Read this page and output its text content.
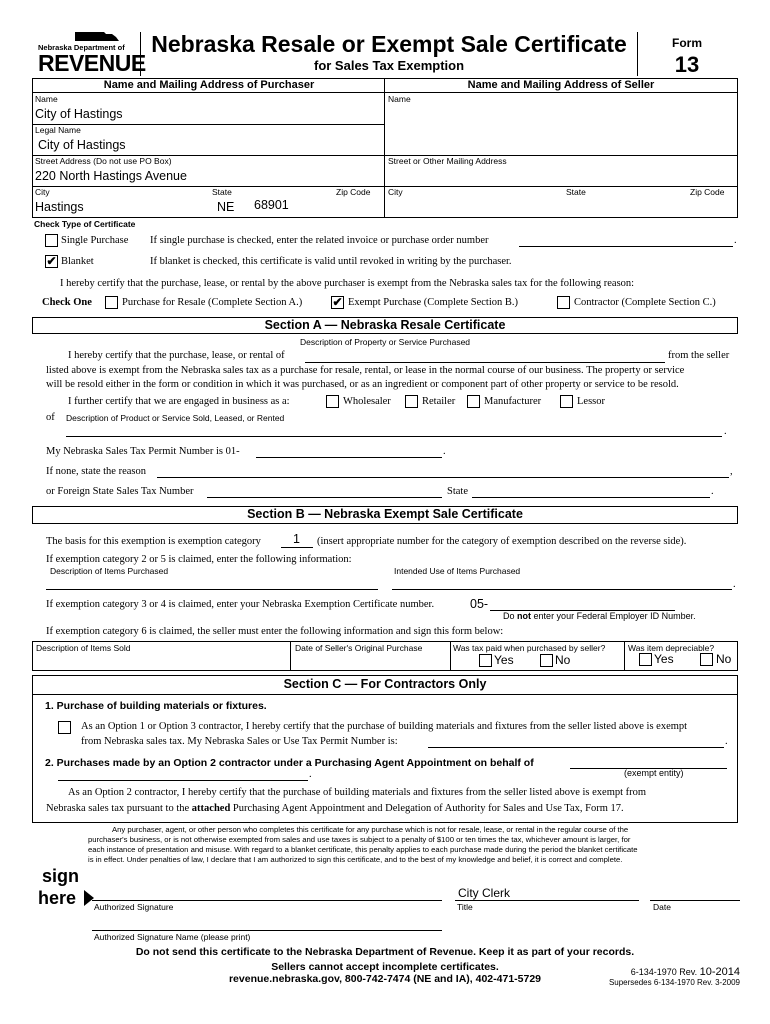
Nebraska Department of
REVENUE
Nebraska Resale or Exempt Sale Certificate
for Sales Tax Exemption
Form
13
Name and Mailing Address of Purchaser	Name and Mailing Address of Seller
Name
City of Hastings
Legal Name
City of Hastings
Street Address (Do not use PO Box)
220 North Hastings Avenue
City	State	Zip Code
Hastings	NE 68901
Name
Street or Other Mailing Address
City	State	Zip Code
Check Type of Certificate
Single Purchase If single purchase is checked, enter the related invoice or purchase order number	.
✔ Blanket	If blanket is checked, this certificate is valid until revoked in writing by the purchaser.
I hereby certify that the purchase, lease, or rental by the above purchaser is exempt from the Nebraska sales tax for the following reason:
Check One	Purchase for Resale (Complete Section A.)	✔ Exempt Purchase (Complete Section B.)	Contractor (Complete Section C.)
Section A — Nebraska Resale Certificate
Description of Property or Service Purchased
I hereby certify that the purchase, lease, or rental of	from the seller
listed above is exempt from the Nebraska sales tax as a purchase for resale, rental, or lease in the normal course of our business. The property or service
will be resold either in the form or condition in which it was purchased, or as an ingredient or component part of other property or service to be resold.
I further certify that we are engaged in business as a:	Wholesaler	Retailer	Manufacturer	Lessor
of Description of Product or Service Sold, Leased, or Rented
.
My Nebraska Sales Tax Permit Number is 01-	.
If none, state the reason	,
or Foreign State Sales Tax Number	State	.
Section B — Nebraska Exempt Sale Certificate
The basis for this exemption is exemption category	1 (insert appropriate number for the category of exemption described on the reverse side).
If exemption category 2 or 5 is claimed, enter the following information:
Description of Items Purchased	Intended Use of Items Purchased
.
If exemption category 3 or 4 is claimed, enter your Nebraska Exemption Certificate number.	05-
Do not enter your Federal Employer ID Number.
If exemption category 6 is claimed, the seller must enter the following information and sign this form below:
Description of Items Sold	Date of Seller's Original Purchase	Was tax paid when purchased by seller?	Was item depreciable?
Yes	No	Yes	No
Section C — For Contractors Only
1. Purchase of building materials or fixtures.
As an Option 1 or Option 3 contractor, I hereby certify that the purchase of building materials and fixtures from the seller listed above is exempt
from Nebraska sales tax. My Nebraska Sales or Use Tax Permit Number is:	.
2. Purchases made by an Option 2 contractor under a Purchasing Agent Appointment on behalf of
(exempt entity)
.
As an Option 2 contractor, I hereby certify that the purchase of building materials and fixtures from the seller listed above is exempt from
Nebraska sales tax pursuant to the attached Purchasing Agent Appointment and Delegation of Authority for Sales and Use Tax, Form 17.
Any purchaser, agent, or other person who completes this certificate for any purchase which is not for resale, lease, or rental in the regular course of the
purchaser's business, or is not otherwise exempted from sales and use taxes is subject to a penalty of $100 or ten times the tax, whichever amount is larger, for
each instance of presentation and misuse. With regard to a blanket certificate, this penalty applies to each purchase made during the period the blanket certificate
is in effect. Under penalties of law, I declare that I am authorized to sign this certificate, and to the best of my knowledge and belief, it is correct and complete.
sign
here Authorized Signature
City Clerk
Title	Date
Authorized Signature Name (please print)
Do not send this certificate to the Nebraska Department of Revenue. Keep it as part of your records.
Sellers cannot accept incomplete certificates.
revenue.nebraska.gov, 800-742-7474 (NE and IA), 402-471-5729
6-134-1970 Rev. 10-2014
Supersedes 6-134-1970 Rev. 3-2009
